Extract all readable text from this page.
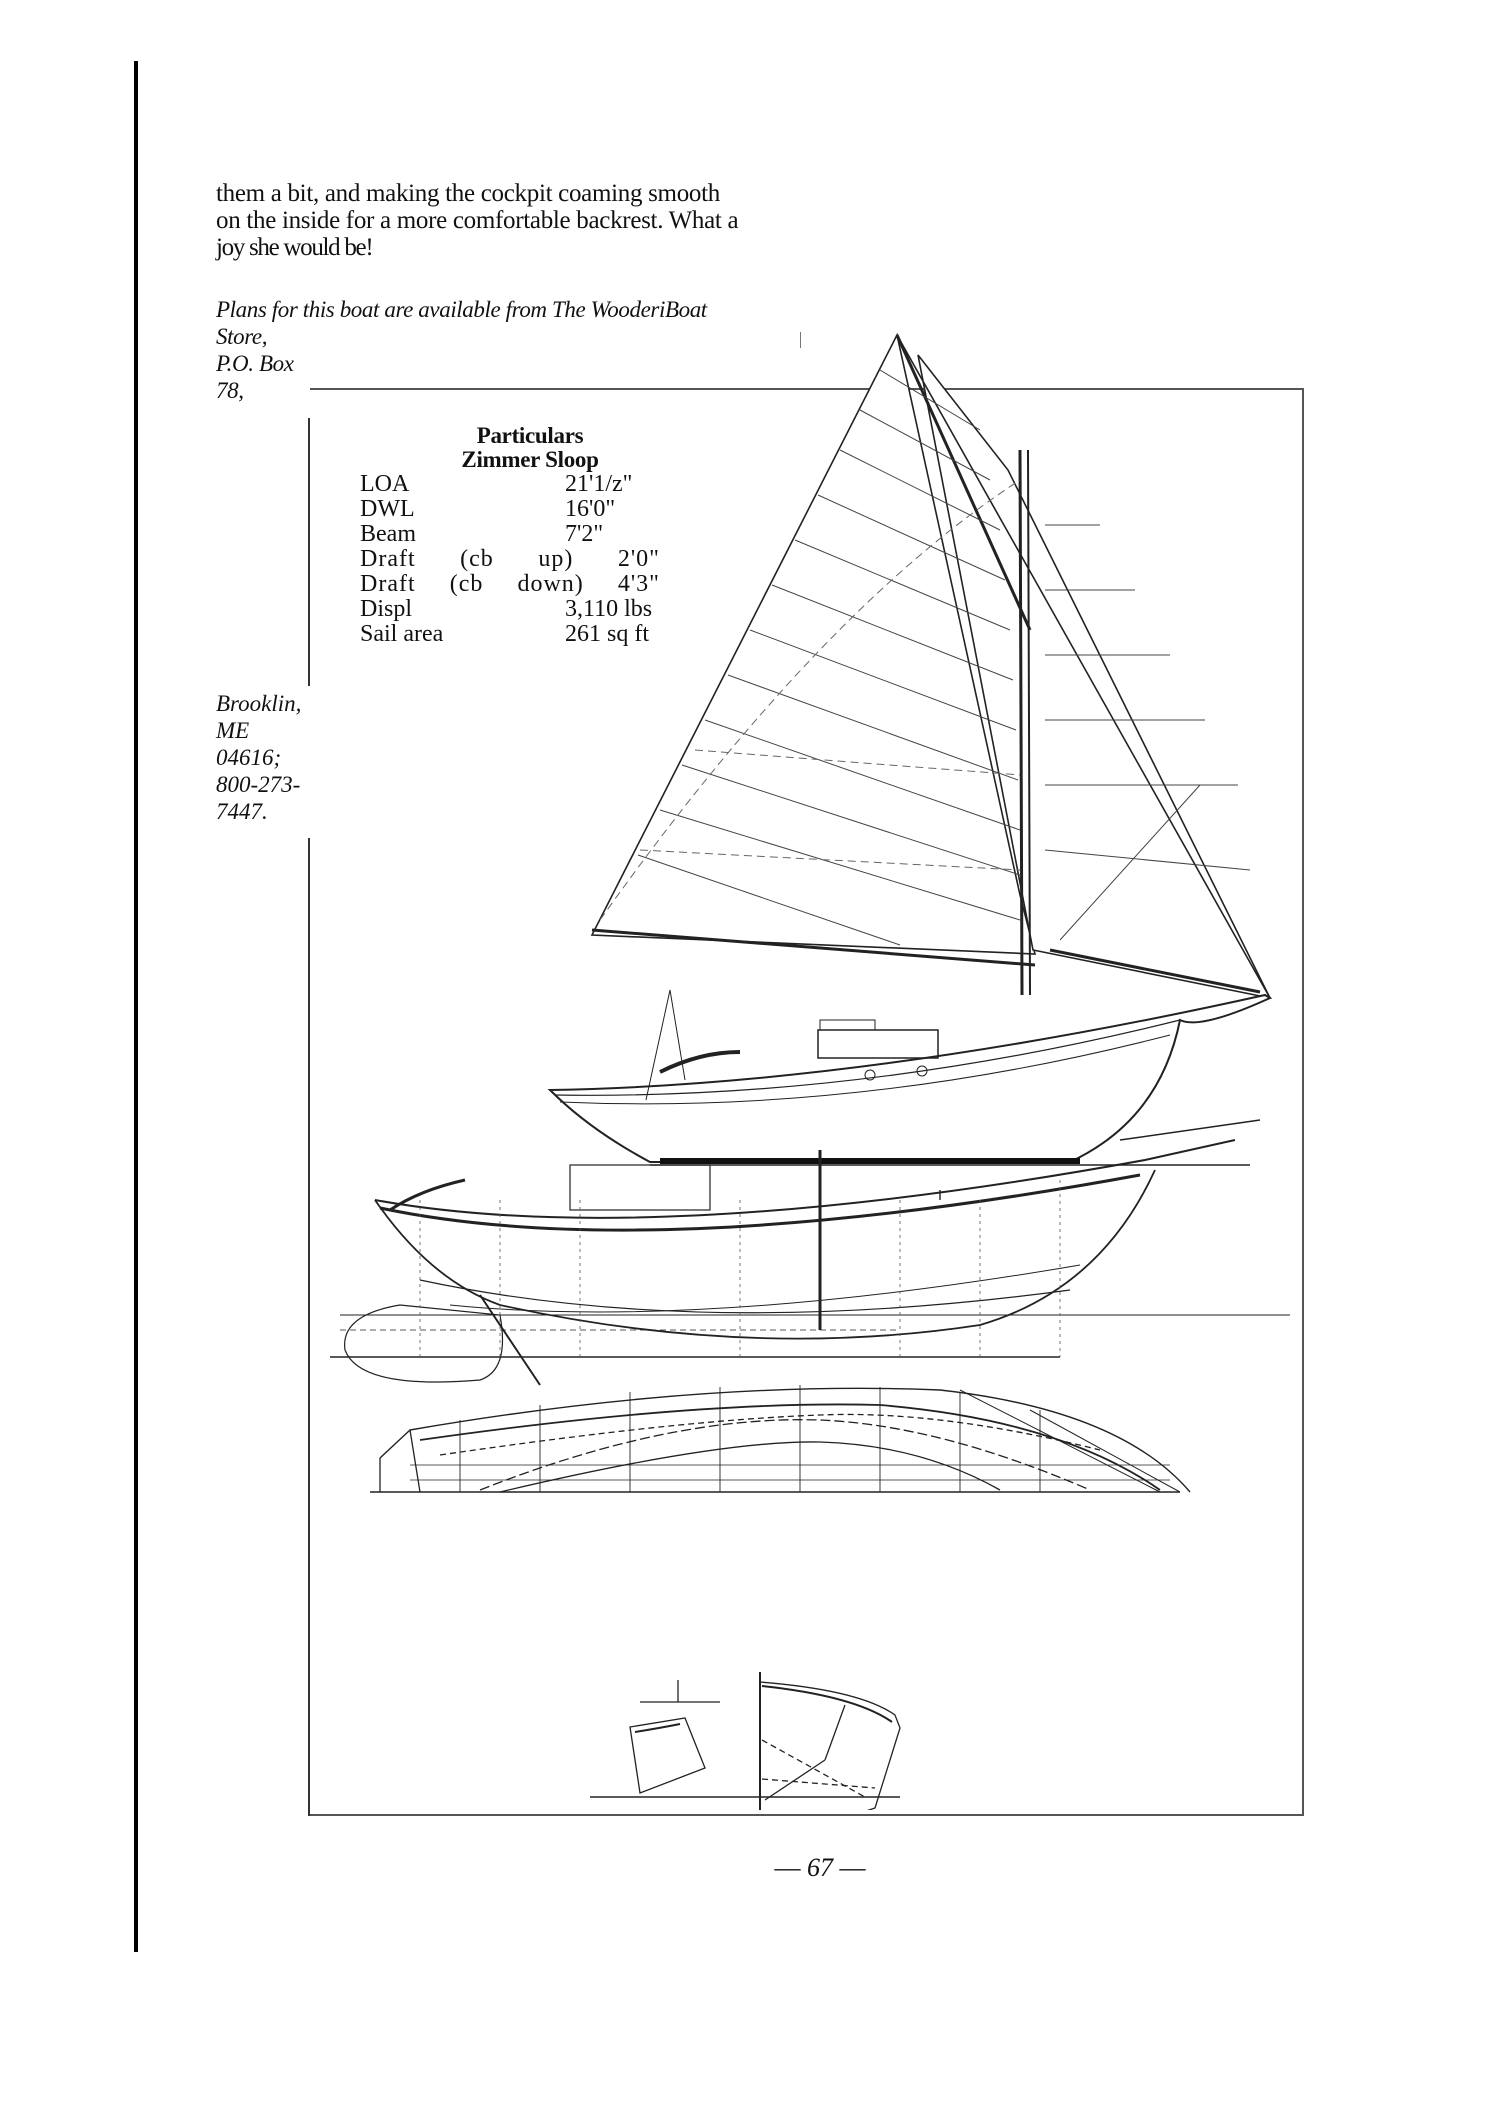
them a bit, and making the cockpit coaming smooth
on the inside for a more comfortable backrest. What a
joy she would be!
Plans for this boat are available from The WooderiBoat
Store,
P.O. Box
78,
Brooklin,
ME
04616;
800-273-
7447.
Particulars
Zimmer Sloop
LOA	21'1/z"
DWL	16'0"
Beam	7'2"
Draft (cb up) 2'0"
Draft (cb down) 4'3"
Displ	3,110 lbs
Sail area	261 sq ft
— 67 —
